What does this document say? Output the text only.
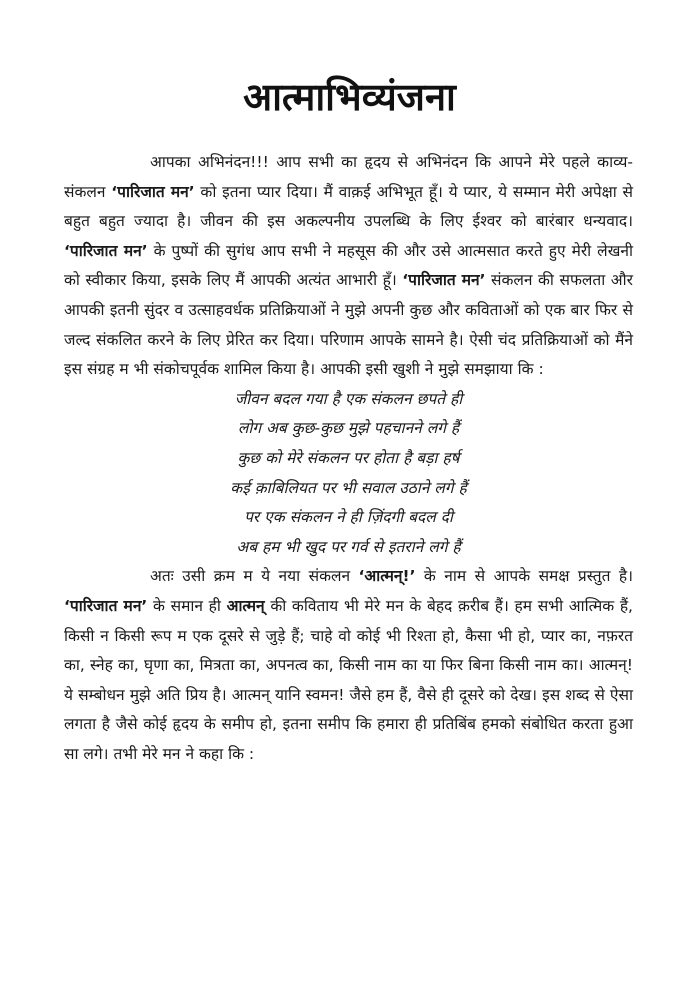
आत्माभिव्यंजना

आपका अभिनंदन!!! आप सभी का हृदय से अभिनंदन कि आपने मेरे पहले काव्य-संकलन ‘पारिजात मन’ को इतना प्यार दिया। मैं वाक़ई अभिभूत हूँ। ये प्यार, ये सम्मान मेरी अपेक्षा से बहुत बहुत ज्यादा है। जीवन की इस अकल्पनीय उपलब्धि के लिए ईश्वर को बारंबार धन्यवाद। ‘पारिजात मन’ के पुष्पों की सुगंध आप सभी ने महसूस की और उसे आत्मसात करते हुए मेरी लेखनी को स्वीकार किया, इसके लिए मैं आपकी अत्यंत आभारी हूँ। ‘पारिजात मन’ संकलन की सफलता और आपकी इतनी सुंदर व उत्साहवर्धक प्रतिक्रियाओं ने मुझे अपनी कुछ और कविताओं को एक बार फिर से जल्द संकलित करने के लिए प्रेरित कर दिया। परिणाम आपके सामने है। ऐसी चंद प्रतिक्रियाओं को मैंने इस संग्रह म भी संकोचपूर्वक शामिल किया है। आपकी इसी खुशी ने मुझे समझाया कि :

जीवन बदल गया है एक संकलन छपते ही
लोग अब कुछ-कुछ मुझे पहचानने लगे हैं
कुछ को मेरे संकलन पर होता है बड़ा हर्ष
कई क़ाबिलियत पर भी सवाल उठाने लगे हैं
पर एक संकलन ने ही ज़िंदगी बदल दी
अब हम भी खुद पर गर्व से इतराने लगे हैं

अतः उसी क्रम म ये नया संकलन ‘आत्मन्!’ के नाम से आपके समक्ष प्रस्तुत है। ‘पारिजात मन’ के समान ही आत्मन् की कविताय भी मेरे मन के बेहद क़रीब हैं। हम सभी आत्मिक हैं, किसी न किसी रूप म एक दूसरे से जुड़े हैं; चाहे वो कोई भी रिश्ता हो, कैसा भी हो, प्यार का, नफ़रत का, स्नेह का, घृणा का, मित्रता का, अपनत्व का, किसी नाम का या फिर बिना किसी नाम का। आत्मन्! ये सम्बोधन मुझे अति प्रिय है। आत्मन् यानि स्वमन! जैसे हम हैं, वैसे ही दूसरे को देख। इस शब्द से ऐसा लगता है जैसे कोई हृदय के समीप हो, इतना समीप कि हमारा ही प्रतिबिंब हमको संबोधित करता हुआ सा लगे। तभी मेरे मन ने कहा कि :
